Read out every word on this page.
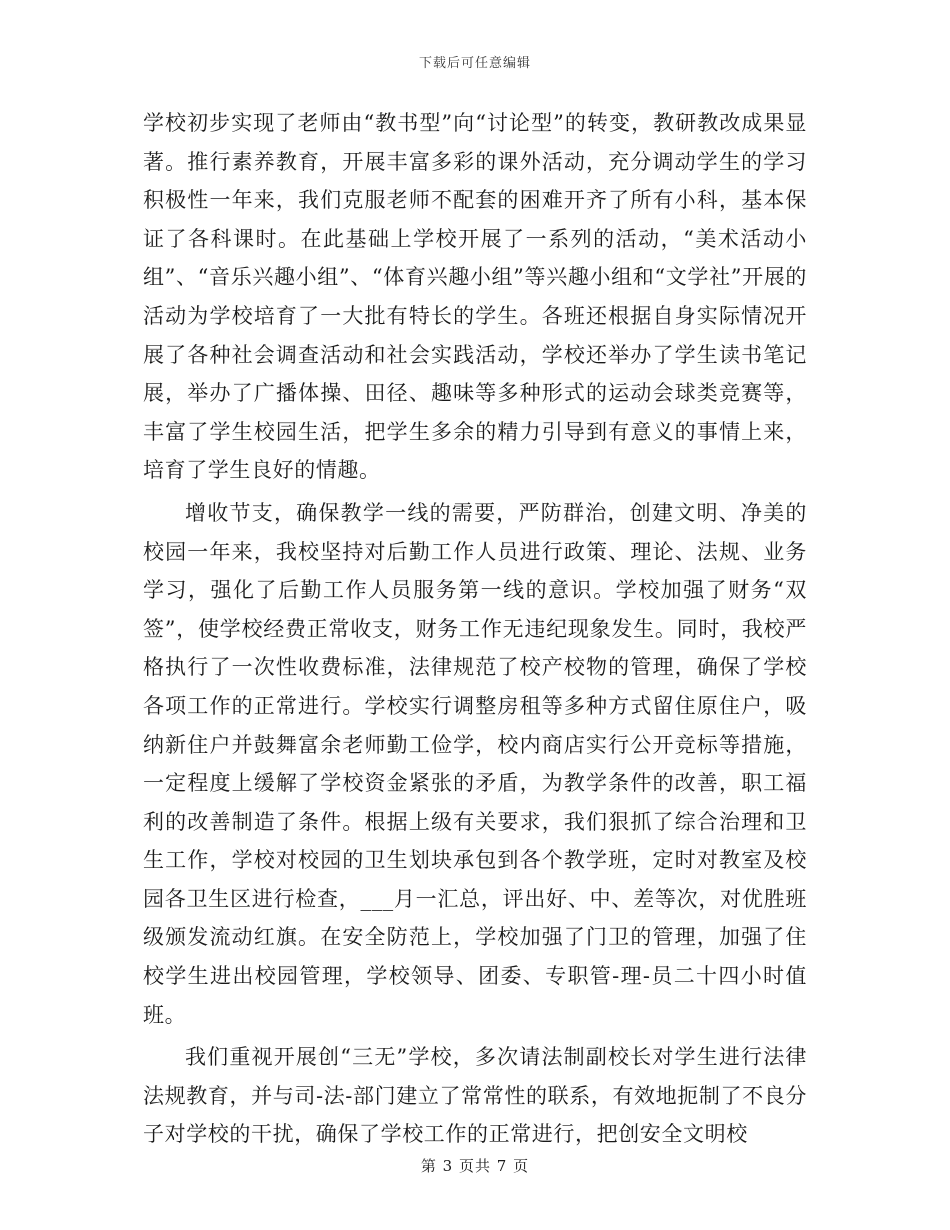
下载后可任意编辑

学校初步实现了老师由“教书型”向“讨论型”的转变，教研教改成果显著。推行素养教育，开展丰富多彩的课外活动，充分调动学生的学习积极性一年来，我们克服老师不配套的困难开齐了所有小科，基本保证了各科课时。在此基础上学校开展了一系列的活动，“美术活动小组”、“音乐兴趣小组”、“体育兴趣小组”等兴趣小组和“文学社”开展的活动为学校培育了一大批有特长的学生。各班还根据自身实际情况开展了各种社会调查活动和社会实践活动，学校还举办了学生读书笔记展，举办了广播体操、田径、趣味等多种形式的运动会球类竞赛等，丰富了学生校园生活，把学生多余的精力引导到有意义的事情上来，培育了学生良好的情趣。

增收节支，确保教学一线的需要，严防群治，创建文明、净美的校园一年来，我校坚持对后勤工作人员进行政策、理论、法规、业务学习，强化了后勤工作人员服务第一线的意识。学校加强了财务“双签”，使学校经费正常收支，财务工作无违纪现象发生。同时，我校严格执行了一次性收费标准，法律规范了校产校物的管理，确保了学校各项工作的正常进行。学校实行调整房租等多种方式留住原住户，吸纳新住户并鼓舞富余老师勤工俭学，校内商店实行公开竞标等措施，一定程度上缓解了学校资金紧张的矛盾，为教学条件的改善，职工福利的改善制造了条件。根据上级有关要求，我们狠抓了综合治理和卫生工作，学校对校园的卫生划块承包到各个教学班，定时对教室及校园各卫生区进行检查，___月一汇总，评出好、中、差等次，对优胜班级颁发流动红旗。在安全防范上，学校加强了门卫的管理，加强了住校学生进出校园管理，学校领导、团委、专职管-理-员二十四小时值班。

我们重视开展创“三无”学校，多次请法制副校长对学生进行法律法规教育，并与司-法-部门建立了常常性的联系，有效地扼制了不良分子对学校的干扰，确保了学校工作的正常进行，把创安全文明校

第 3 页共 7 页
